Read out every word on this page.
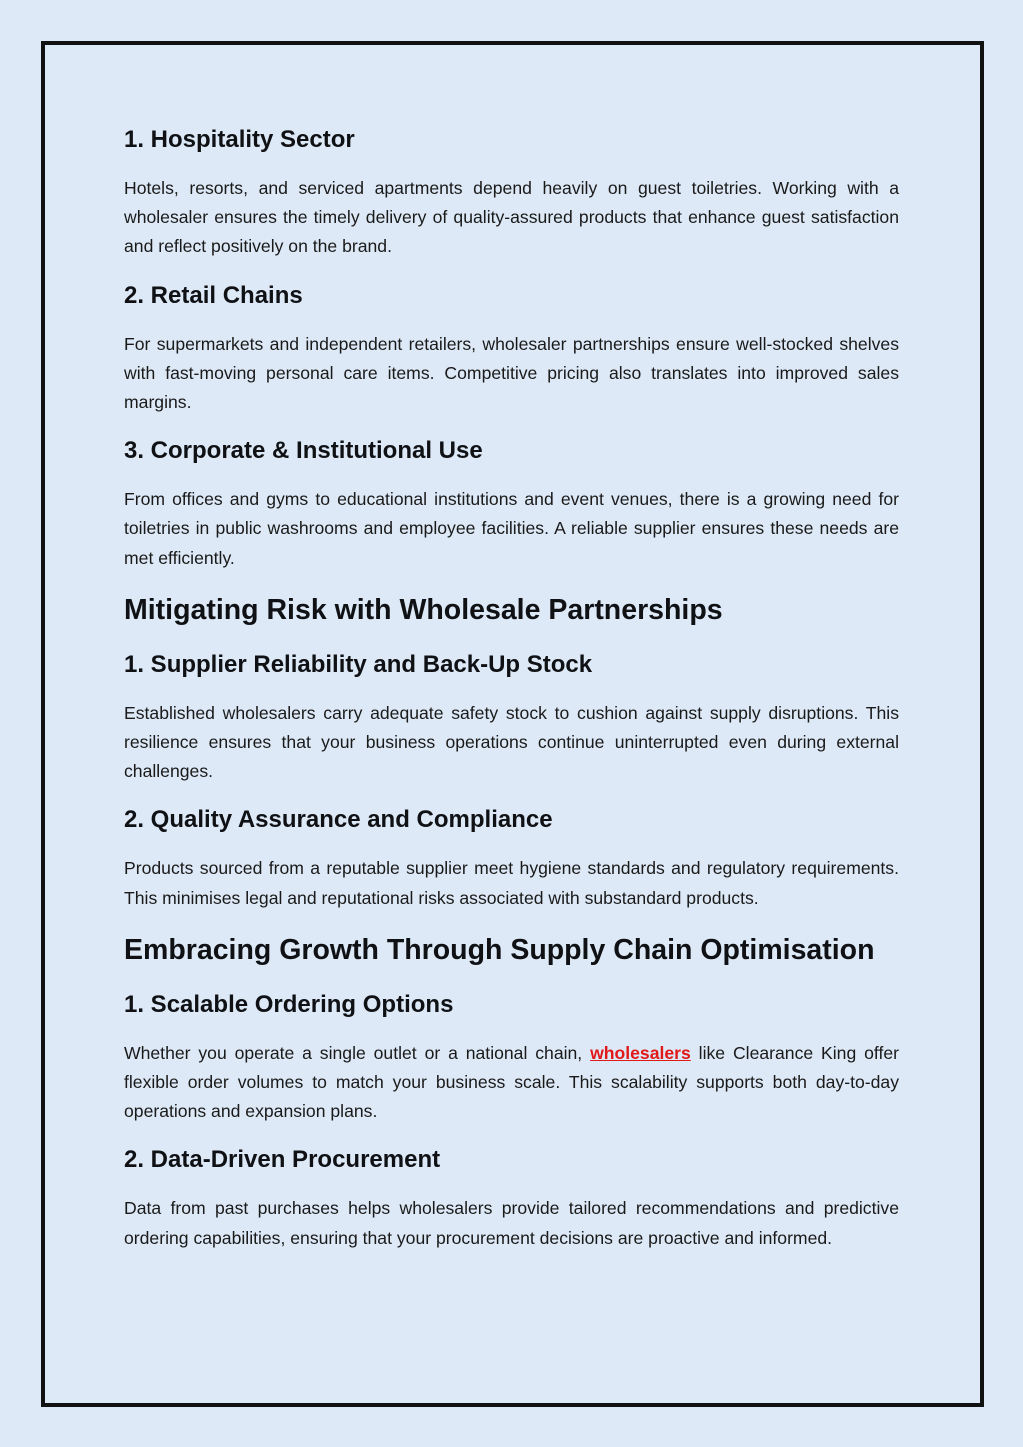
1. Hospitality Sector

Hotels, resorts, and serviced apartments depend heavily on guest toiletries. Working with a wholesaler ensures the timely delivery of quality-assured products that enhance guest satisfaction and reflect positively on the brand.

2. Retail Chains

For supermarkets and independent retailers, wholesaler partnerships ensure well-stocked shelves with fast-moving personal care items. Competitive pricing also translates into improved sales margins.

3. Corporate & Institutional Use

From offices and gyms to educational institutions and event venues, there is a growing need for toiletries in public washrooms and employee facilities. A reliable supplier ensures these needs are met efficiently.

Mitigating Risk with Wholesale Partnerships
1. Supplier Reliability and Back-Up Stock

Established wholesalers carry adequate safety stock to cushion against supply disruptions. This resilience ensures that your business operations continue uninterrupted even during external challenges.

2. Quality Assurance and Compliance

Products sourced from a reputable supplier meet hygiene standards and regulatory requirements. This minimises legal and reputational risks associated with substandard products.

Embracing Growth Through Supply Chain Optimisation
1. Scalable Ordering Options

Whether you operate a single outlet or a national chain, wholesalers like Clearance King offer flexible order volumes to match your business scale. This scalability supports both day-to-day operations and expansion plans.

2. Data-Driven Procurement

Data from past purchases helps wholesalers provide tailored recommendations and predictive ordering capabilities, ensuring that your procurement decisions are proactive and informed.
